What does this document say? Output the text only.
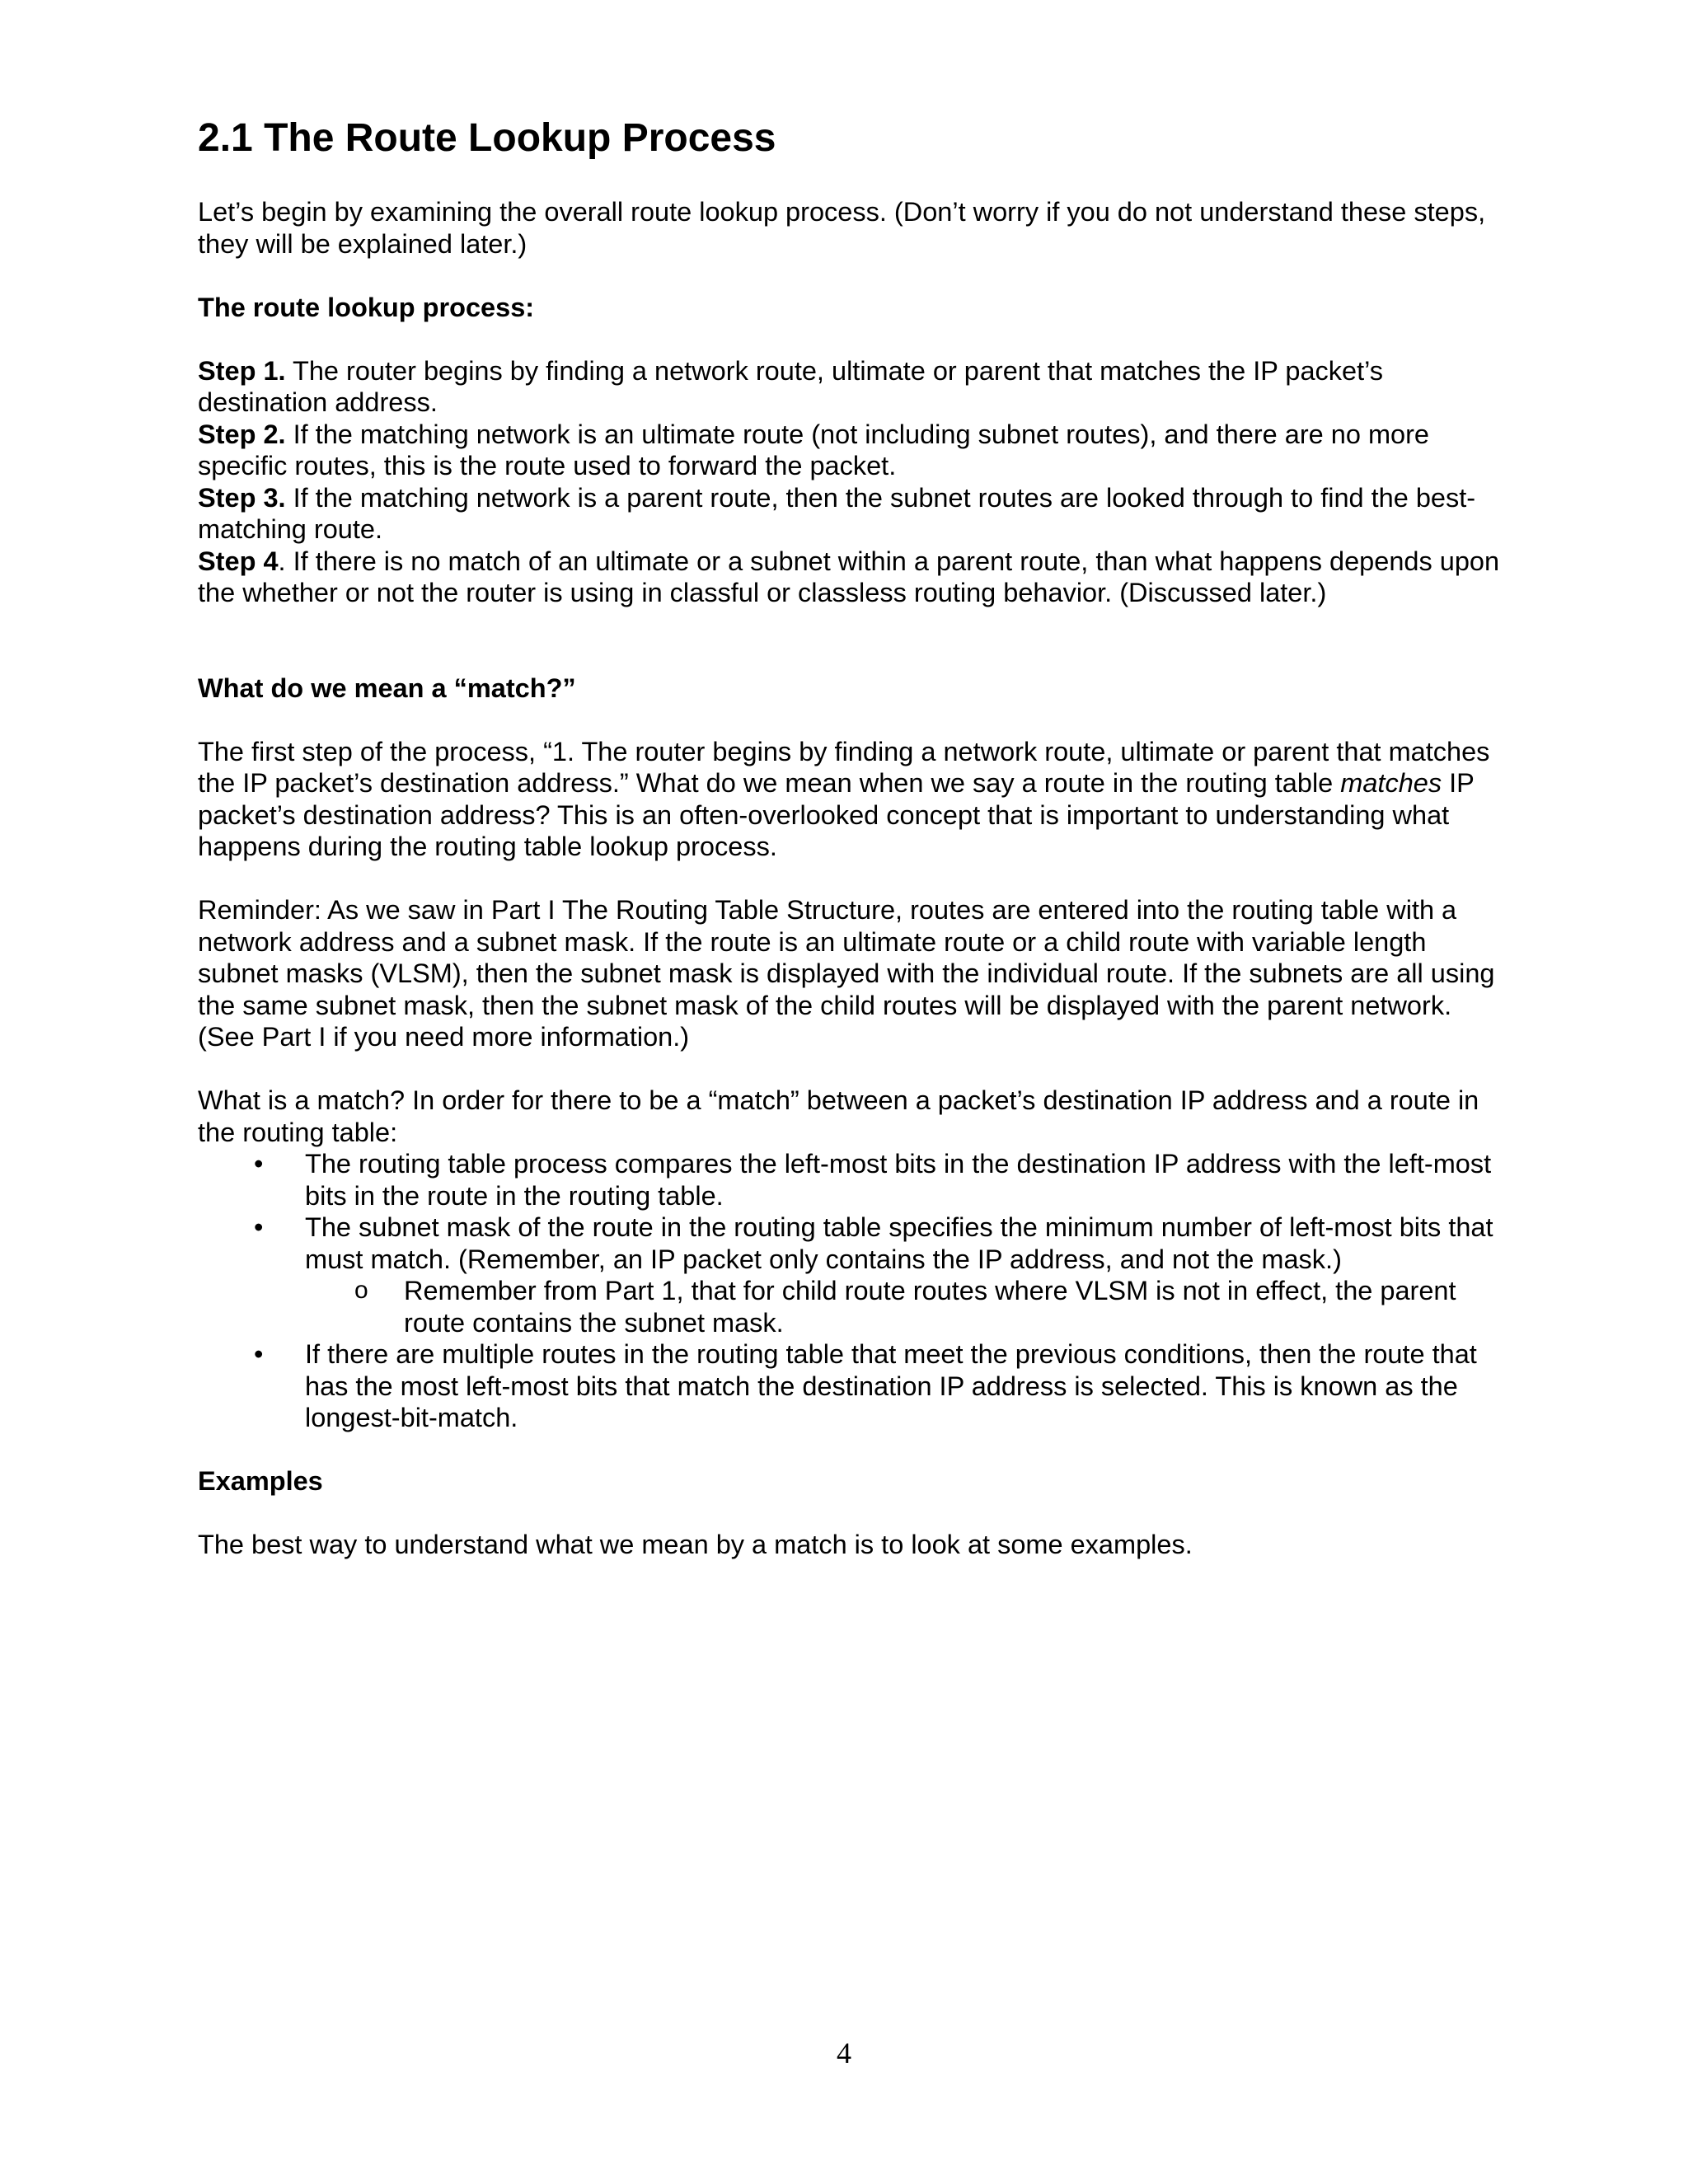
2.1 The Route Lookup Process

Let’s begin by examining the overall route lookup process. (Don’t worry if you do not understand these steps, they will be explained later.)

The route lookup process:

Step 1. The router begins by finding a network route, ultimate or parent that matches the IP packet’s destination address.

Step 2. If the matching network is an ultimate route (not including subnet routes), and there are no more specific routes, this is the route used to forward the packet.

Step 3. If the matching network is a parent route, then the subnet routes are looked through to find the best-matching route.

Step 4. If there is no match of an ultimate or a subnet within a parent route, than what happens depends upon the whether or not the router is using in classful or classless routing behavior. (Discussed later.)

What do we mean a “match?”

The first step of the process, “1. The router begins by finding a network route, ultimate or parent that matches the IP packet’s destination address.” What do we mean when we say a route in the routing table matches IP packet’s destination address? This is an often-overlooked concept that is important to understanding what happens during the routing table lookup process.

Reminder: As we saw in Part I The Routing Table Structure, routes are entered into the routing table with a network address and a subnet mask. If the route is an ultimate route or a child route with variable length subnet masks (VLSM), then the subnet mask is displayed with the individual route. If the subnets are all using the same subnet mask, then the subnet mask of the child routes will be displayed with the parent network. (See Part I if you need more information.)

What is a match? In order for there to be a “match” between a packet’s destination IP address and a route in the routing table:

• The routing table process compares the left-most bits in the destination IP address with the left-most bits in the route in the routing table.
• The subnet mask of the route in the routing table specifies the minimum number of left-most bits that must match. (Remember, an IP packet only contains the IP address, and not the mask.)
o Remember from Part 1, that for child route routes where VLSM is not in effect, the parent route contains the subnet mask.
• If there are multiple routes in the routing table that meet the previous conditions, then the route that has the most left-most bits that match the destination IP address is selected. This is known as the longest-bit-match.

Examples

The best way to understand what we mean by a match is to look at some examples.

4
